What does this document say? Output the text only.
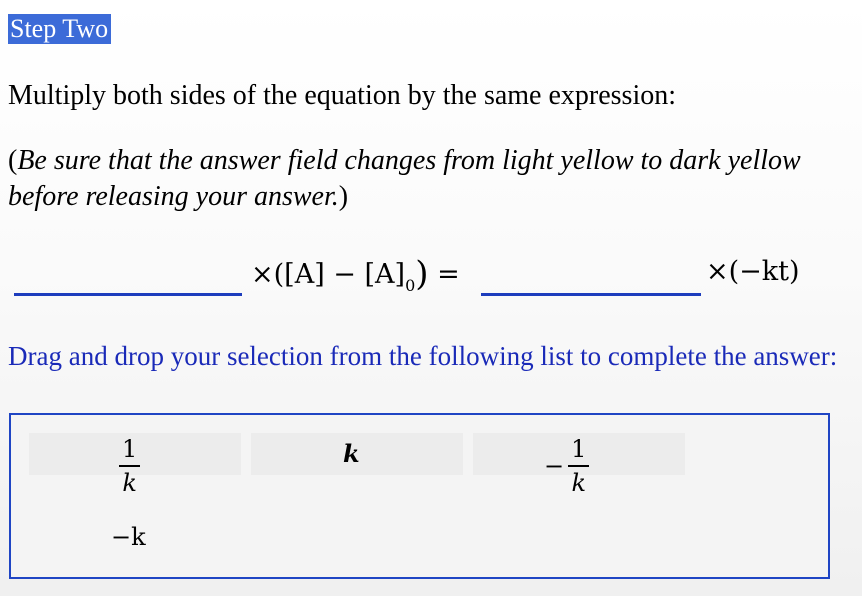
Step Two
Multiply both sides of the equation by the same expression:
(Be sure that the answer field changes from light yellow to dark yellow before releasing your answer.)
$\times([A] - [A]_0)$ =	×(−kt)
Drag and drop your selection from the following list to complete the answer:
$\frac{1}{k}$	k	− $\frac{1}{k}$
−k
